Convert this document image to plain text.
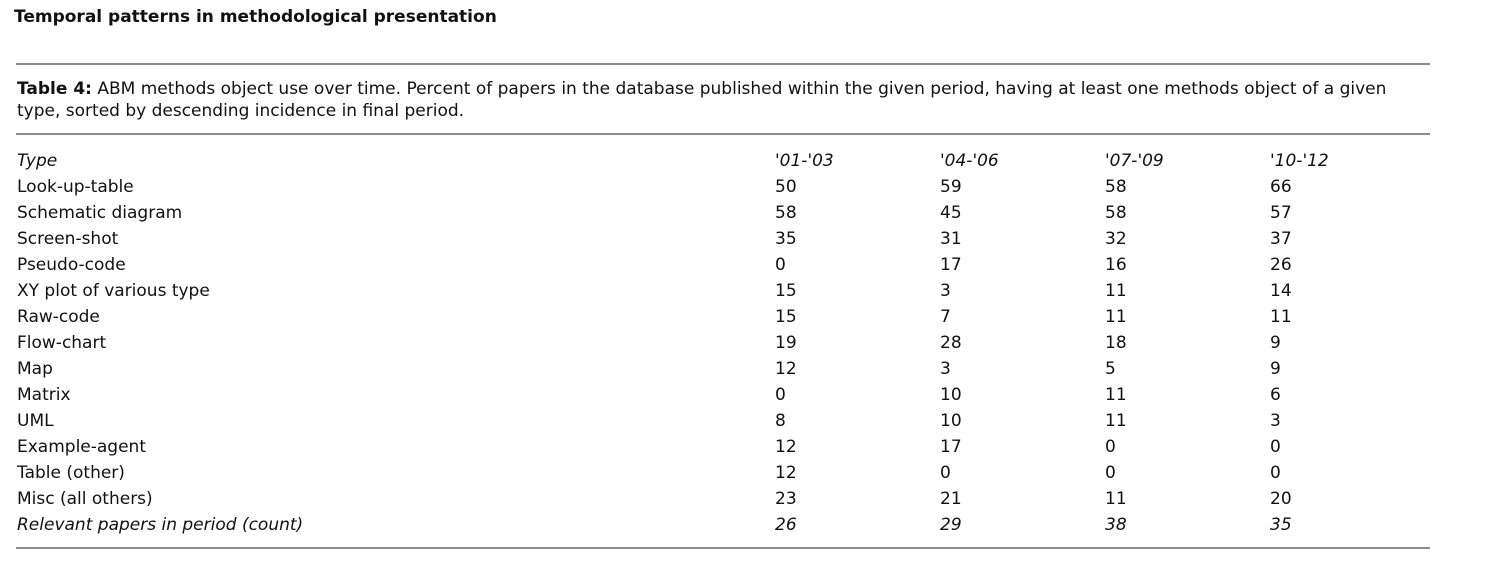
Temporal patterns in methodological presentation
Table 4: ABM methods object use over time. Percent of papers in the database published within the given period, having at least one methods object of a given type, sorted by descending incidence in final period.
Type	'01-'03	'04-'06	'07-'09	'10-'12
Look-up-table	50	59	58	66
Schematic diagram	58	45	58	57
Screen-shot	35	31	32	37
Pseudo-code	0	17	16	26
XY plot of various type	15	3	11	14
Raw-code	15	7	11	11
Flow-chart	19	28	18	9
Map	12	3	5	9
Matrix	0	10	11	6
UML	8	10	11	3
Example-agent	12	17	0	0
Table (other)	12	0	0	0
Misc (all others)	23	21	11	20
Relevant papers in period (count)	26	29	38	35
